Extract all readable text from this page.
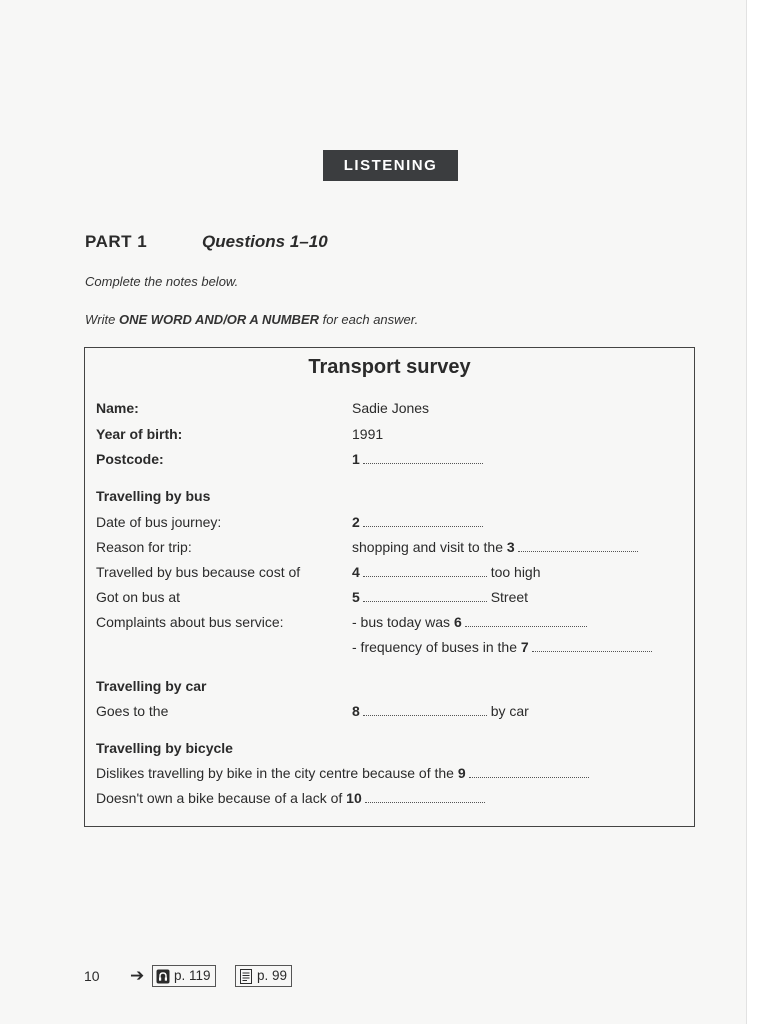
LISTENING
PART 1	Questions 1–10
Complete the notes below.
Write ONE WORD AND/OR A NUMBER for each answer.
Transport survey
Name:	Sadie Jones
Year of birth:	1991
Postcode:	1
Travelling by bus
Date of bus journey:	2
Reason for trip:	shopping and visit to the 3
Travelled by bus because cost of	4	too high
Got on bus at	5	Street
Complaints about bus service:	- bus today was 6
- frequency of buses in the 7
Travelling by car
Goes to the	8	by car
Travelling by bicycle
Dislikes travelling by bike in the city centre because of the 9
Doesn't own a bike because of a lack of 10
10 ➔ p. 119	p. 99
